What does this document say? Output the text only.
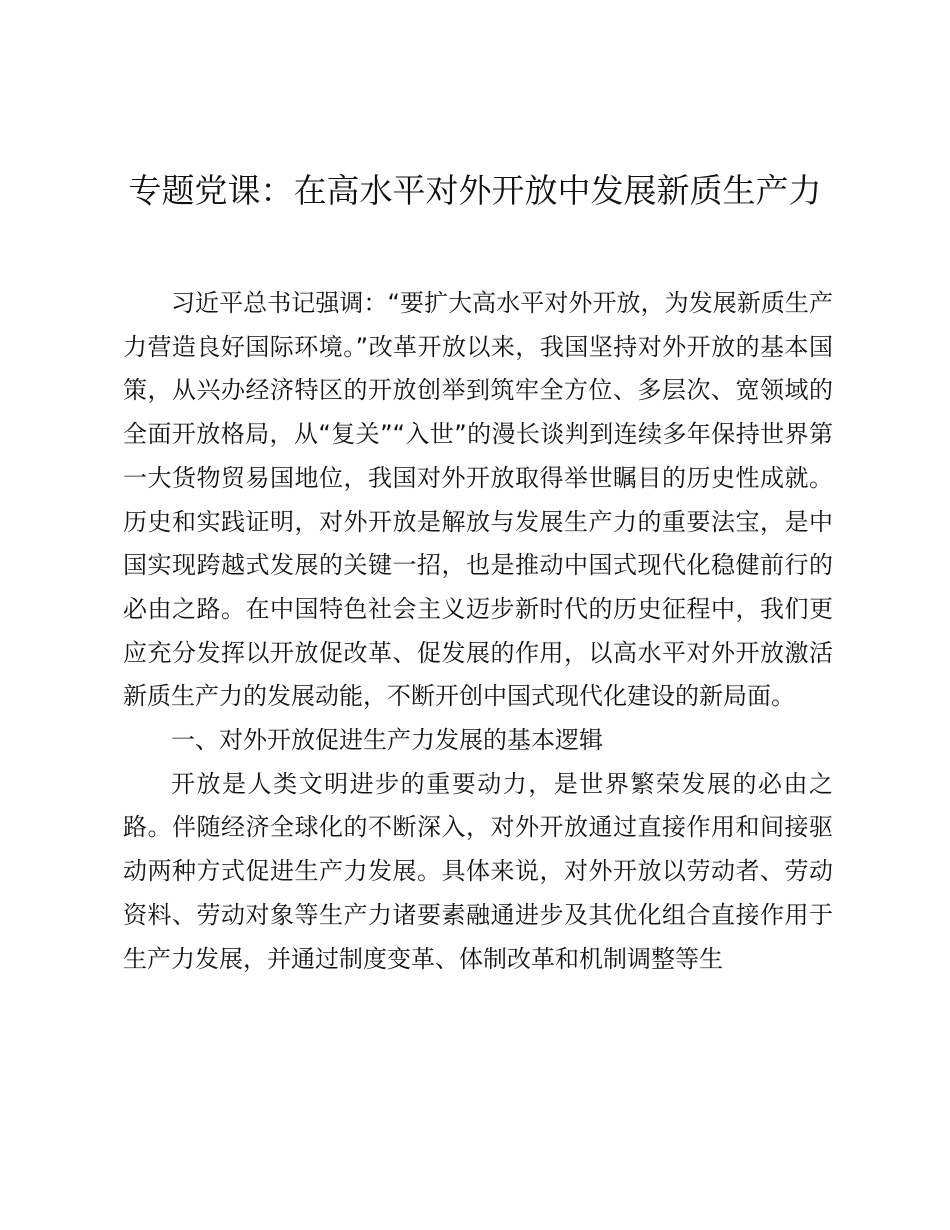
专题党课：在高水平对外开放中发展新质生产力

习近平总书记强调：“要扩大高水平对外开放，为发展新质生产力营造良好国际环境。”改革开放以来，我国坚持对外开放的基本国策，从兴办经济特区的开放创举到筑牢全方位、多层次、宽领域的全面开放格局，从“复关”“入世”的漫长谈判到连续多年保持世界第一大货物贸易国地位，我国对外开放取得举世瞩目的历史性成就。历史和实践证明，对外开放是解放与发展生产力的重要法宝，是中国实现跨越式发展的关键一招，也是推动中国式现代化稳健前行的必由之路。在中国特色社会主义迈步新时代的历史征程中，我们更应充分发挥以开放促改革、促发展的作用，以高水平对外开放激活新质生产力的发展动能，不断开创中国式现代化建设的新局面。

一、对外开放促进生产力发展的基本逻辑

开放是人类文明进步的重要动力，是世界繁荣发展的必由之路。伴随经济全球化的不断深入，对外开放通过直接作用和间接驱动两种方式促进生产力发展。具体来说，对外开放以劳动者、劳动资料、劳动对象等生产力诸要素融通进步及其优化组合直接作用于生产力发展，并通过制度变革、体制改革和机制调整等生
